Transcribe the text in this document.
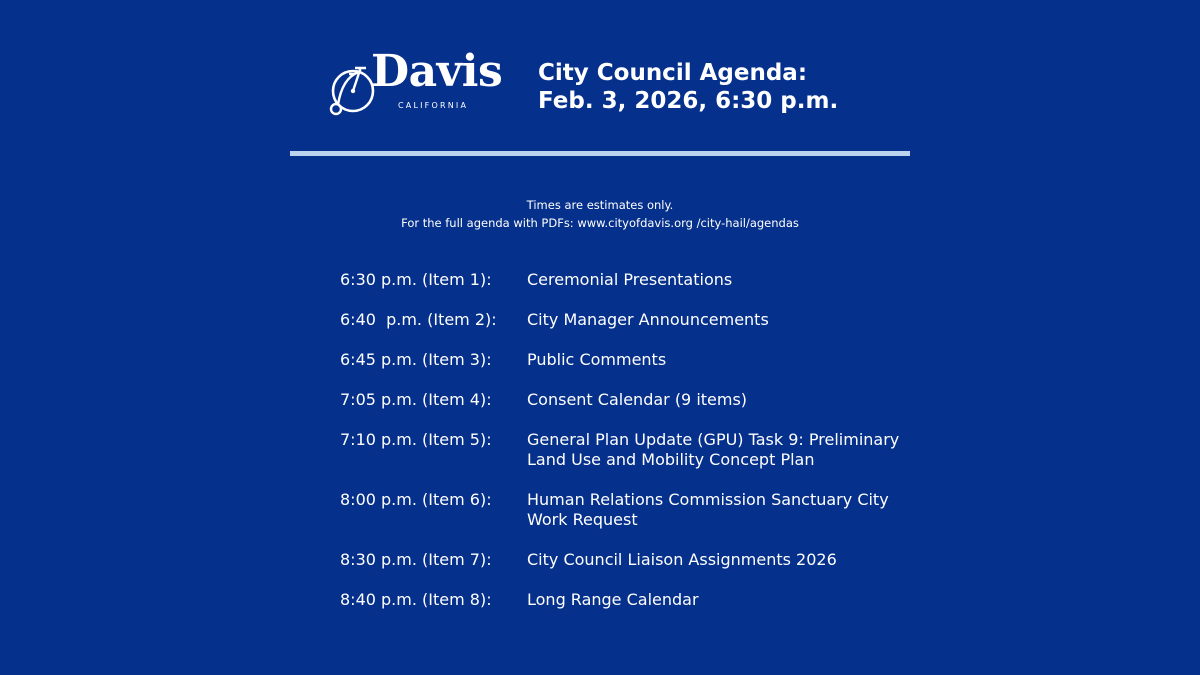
Davis
CALIFORNIA
City Council Agenda:
Feb. 3, 2026, 6:30 p.m.
Times are estimates only.
For the full agenda with PDFs: www.cityofdavis.org /city-hail/agendas
6:30 p.m. (Item 1):	Ceremonial Presentations
6:40  p.m. (Item 2):	City Manager Announcements
6:45 p.m. (Item 3):	Public Comments
7:05 p.m. (Item 4):	Consent Calendar (9 items)
7:10 p.m. (Item 5):	General Plan Update (GPU) Task 9: Preliminary Land Use and Mobility Concept Plan
8:00 p.m. (Item 6):	Human Relations Commission Sanctuary City Work Request
8:30 p.m. (Item 7):	City Council Liaison Assignments 2026
8:40 p.m. (Item 8):	Long Range Calendar
